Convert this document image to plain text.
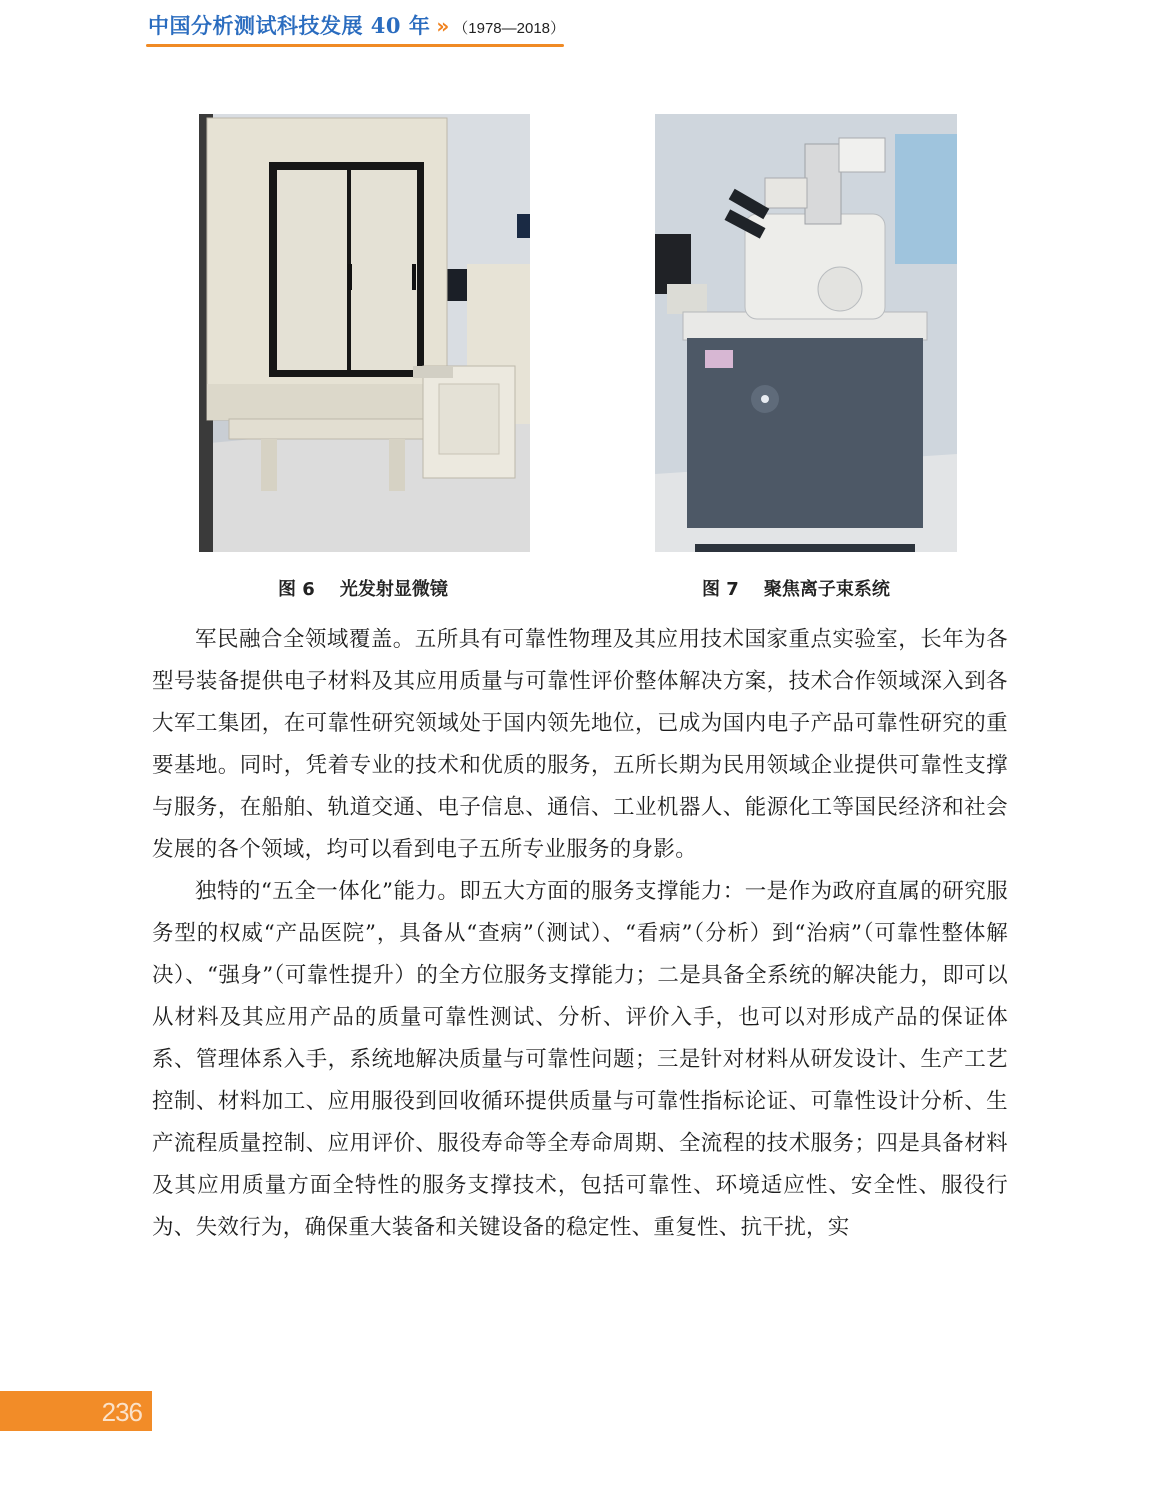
中国分析测试科技发展 40 年 » （1978—2018）
图 6    光发射显微镜	图 7    聚焦离子束系统

军民融合全领域覆盖。五所具有可靠性物理及其应用技术国家重点实验室，长年为各型号装备提供电子材料及其应用质量与可靠性评价整体解决方案，技术合作领域深入到各大军工集团，在可靠性研究领域处于国内领先地位，已成为国内电子产品可靠性研究的重要基地。同时，凭着专业的技术和优质的服务，五所长期为民用领域企业提供可靠性支撑与服务，在船舶、轨道交通、电子信息、通信、工业机器人、能源化工等国民经济和社会发展的各个领域，均可以看到电子五所专业服务的身影。

独特的“五全一体化”能力。即五大方面的服务支撑能力：一是作为政府直属的研究服务型的权威“产品医院”，具备从“查病”（测试）、“看病”（分析）到“治病”（可靠性整体解决）、“强身”（可靠性提升）的全方位服务支撑能力；二是具备全系统的解决能力，即可以从材料及其应用产品的质量可靠性测试、分析、评价入手，也可以对形成产品的保证体系、管理体系入手，系统地解决质量与可靠性问题；三是针对材料从研发设计、生产工艺控制、材料加工、应用服役到回收循环提供质量与可靠性指标论证、可靠性设计分析、生产流程质量控制、应用评价、服役寿命等全寿命周期、全流程的技术服务；四是具备材料及其应用质量方面全特性的服务支撑技术，包括可靠性、环境适应性、安全性、服役行为、失效行为，确保重大装备和关键设备的稳定性、重复性、抗干扰，实

236
